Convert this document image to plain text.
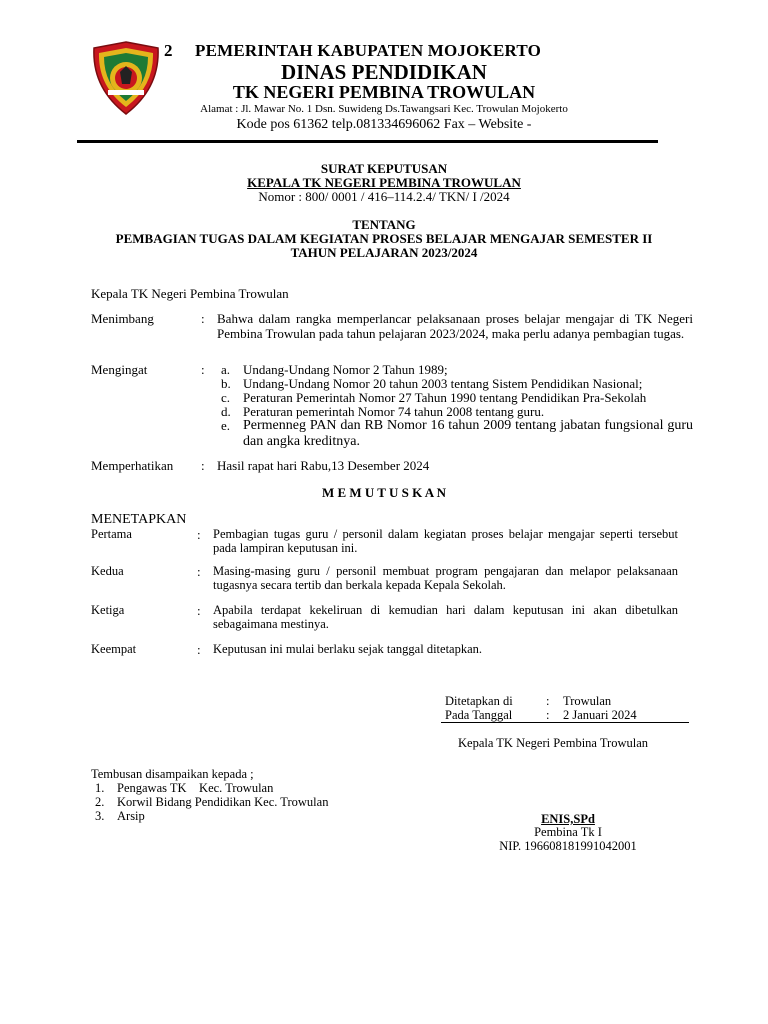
2 PEMERINTAH KABUPATEN MOJOKERTO
DINAS PENDIDIKAN
TK NEGERI PEMBINA TROWULAN
Alamat : Jl. Mawar No. 1 Dsn. Suwideng Ds.Tawangsari Kec. Trowulan Mojokerto
Kode pos 61362 telp.081334696062 Fax – Website -
SURAT KEPUTUSAN
KEPALA TK NEGERI PEMBINA TROWULAN
Nomor : 800/ 0001 / 416–114.2.4/ TKN/ I /2024
TENTANG
PEMBAGIAN TUGAS DALAM KEGIATAN PROSES BELAJAR MENGAJAR SEMESTER II
TAHUN PELAJARAN 2023/2024
Kepala TK Negeri Pembina Trowulan
Menimbang	: Bahwa dalam rangka memperlancar pelaksanaan proses belajar mengajar di TK Negeri Pembina Trowulan pada tahun pelajaran 2023/2024, maka perlu adanya pembagian tugas.
Mengingat	: a. Undang-Undang Nomor 2 Tahun 1989;
b. Undang-Undang Nomor 20 tahun 2003 tentang Sistem Pendidikan Nasional;
c. Peraturan Pemerintah Nomor 27 Tahun 1990 tentang Pendidikan Pra-Sekolah
d. Peraturan pemerintah Nomor 74 tahun 2008 tentang guru.
e. Permenneg PAN dan RB Nomor 16 tahun 2009 tentang jabatan fungsional guru dan angka kreditnya.
Memperhatikan : Hasil rapat hari Rabu,13 Desember 2024
M E M U T U S K A N
MENETAPKAN
Pertama	: Pembagian tugas guru / personil dalam kegiatan proses belajar mengajar seperti tersebut pada lampiran keputusan ini.
Kedua	: Masing-masing guru / personil membuat program pengajaran dan melapor pelaksanaan tugasnya secara tertib dan berkala kepada Kepala Sekolah.
Ketiga	: Apabila terdapat kekeliruan di kemudian hari dalam keputusan ini akan dibetulkan sebagaimana mestinya.
Keempat	: Keputusan ini mulai berlaku sejak tanggal ditetapkan.
Ditetapkan di	: Trowulan
Pada Tanggal	: 2 Januari 2024
Kepala TK Negeri Pembina Trowulan
Tembusan disampaikan kepada ;
1. Pengawas TK    Kec. Trowulan
2. Korwil Bidang Pendidikan Kec. Trowulan
3. Arsip	ENIS,SPd
Pembina Tk I
NIP. 196608181991042001
